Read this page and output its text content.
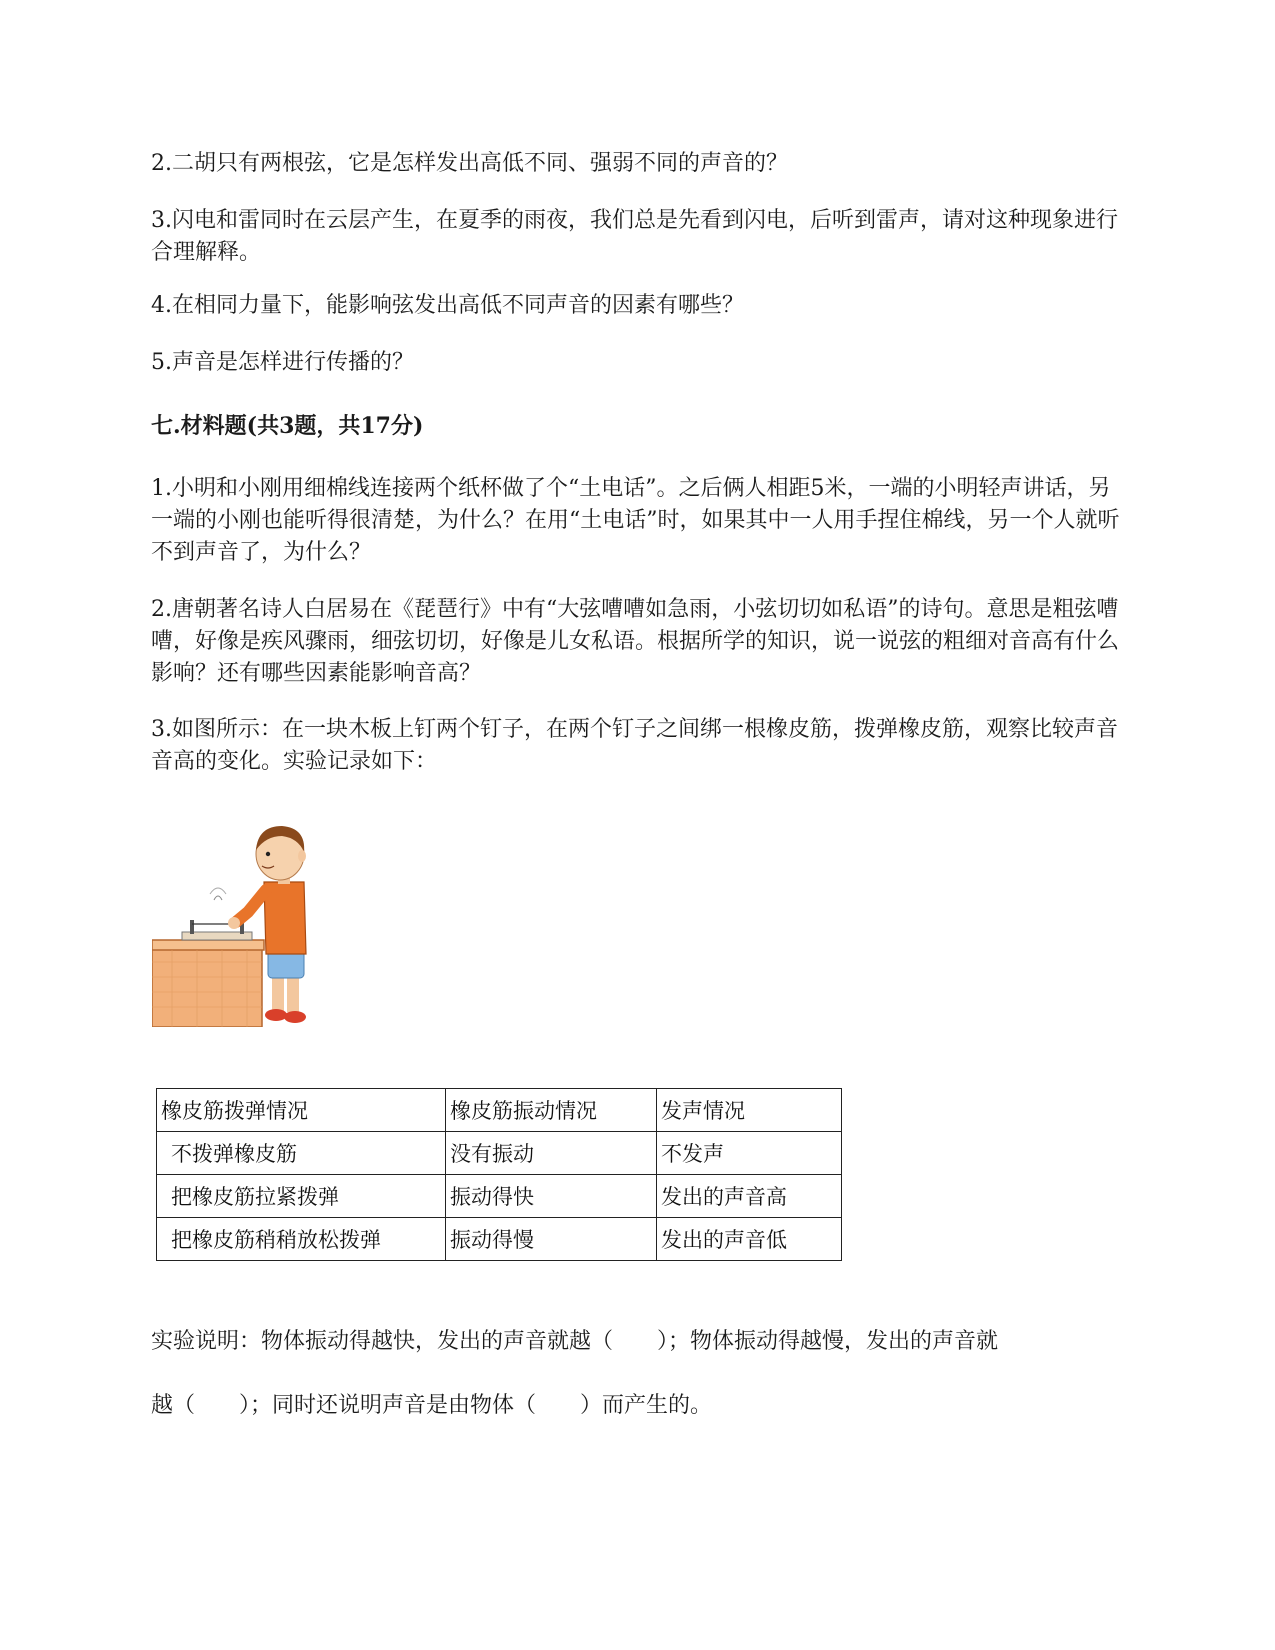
2.二胡只有两根弦，它是怎样发出高低不同、强弱不同的声音的？

3.闪电和雷同时在云层产生，在夏季的雨夜，我们总是先看到闪电，后听到雷声，请对这种现象进行合理解释。

4.在相同力量下，能影响弦发出高低不同声音的因素有哪些？

5.声音是怎样进行传播的？

七.材料题(共3题，共17分)

1.小明和小刚用细棉线连接两个纸杯做了个“土电话”。之后俩人相距5米，一端的小明轻声讲话，另一端的小刚也能听得很清楚，为什么？在用“土电话”时，如果其中一人用手捏住棉线，另一个人就听不到声音了，为什么？

2.唐朝著名诗人白居易在《琵琶行》中有“大弦嘈嘈如急雨，小弦切切如私语”的诗句。意思是粗弦嘈嘈，好像是疾风骤雨，细弦切切，好像是儿女私语。根据所学的知识，说一说弦的粗细对音高有什么影响？还有哪些因素能影响音高？

3.如图所示：在一块木板上钉两个钉子，在两个钉子之间绑一根橡皮筋，拨弹橡皮筋，观察比较声音音高的变化。实验记录如下：

橡皮筋拨弹情况	橡皮筋振动情况	发声情况
不拨弹橡皮筋	没有振动	不发声
把橡皮筋拉紧拨弹	振动得快	发出的声音高
把橡皮筋稍稍放松拨弹	振动得慢	发出的声音低

实验说明：物体振动得越快，发出的声音就越（　　）；物体振动得越慢，发出的声音就

越（　　）；同时还说明声音是由物体（　　）而产生的。
